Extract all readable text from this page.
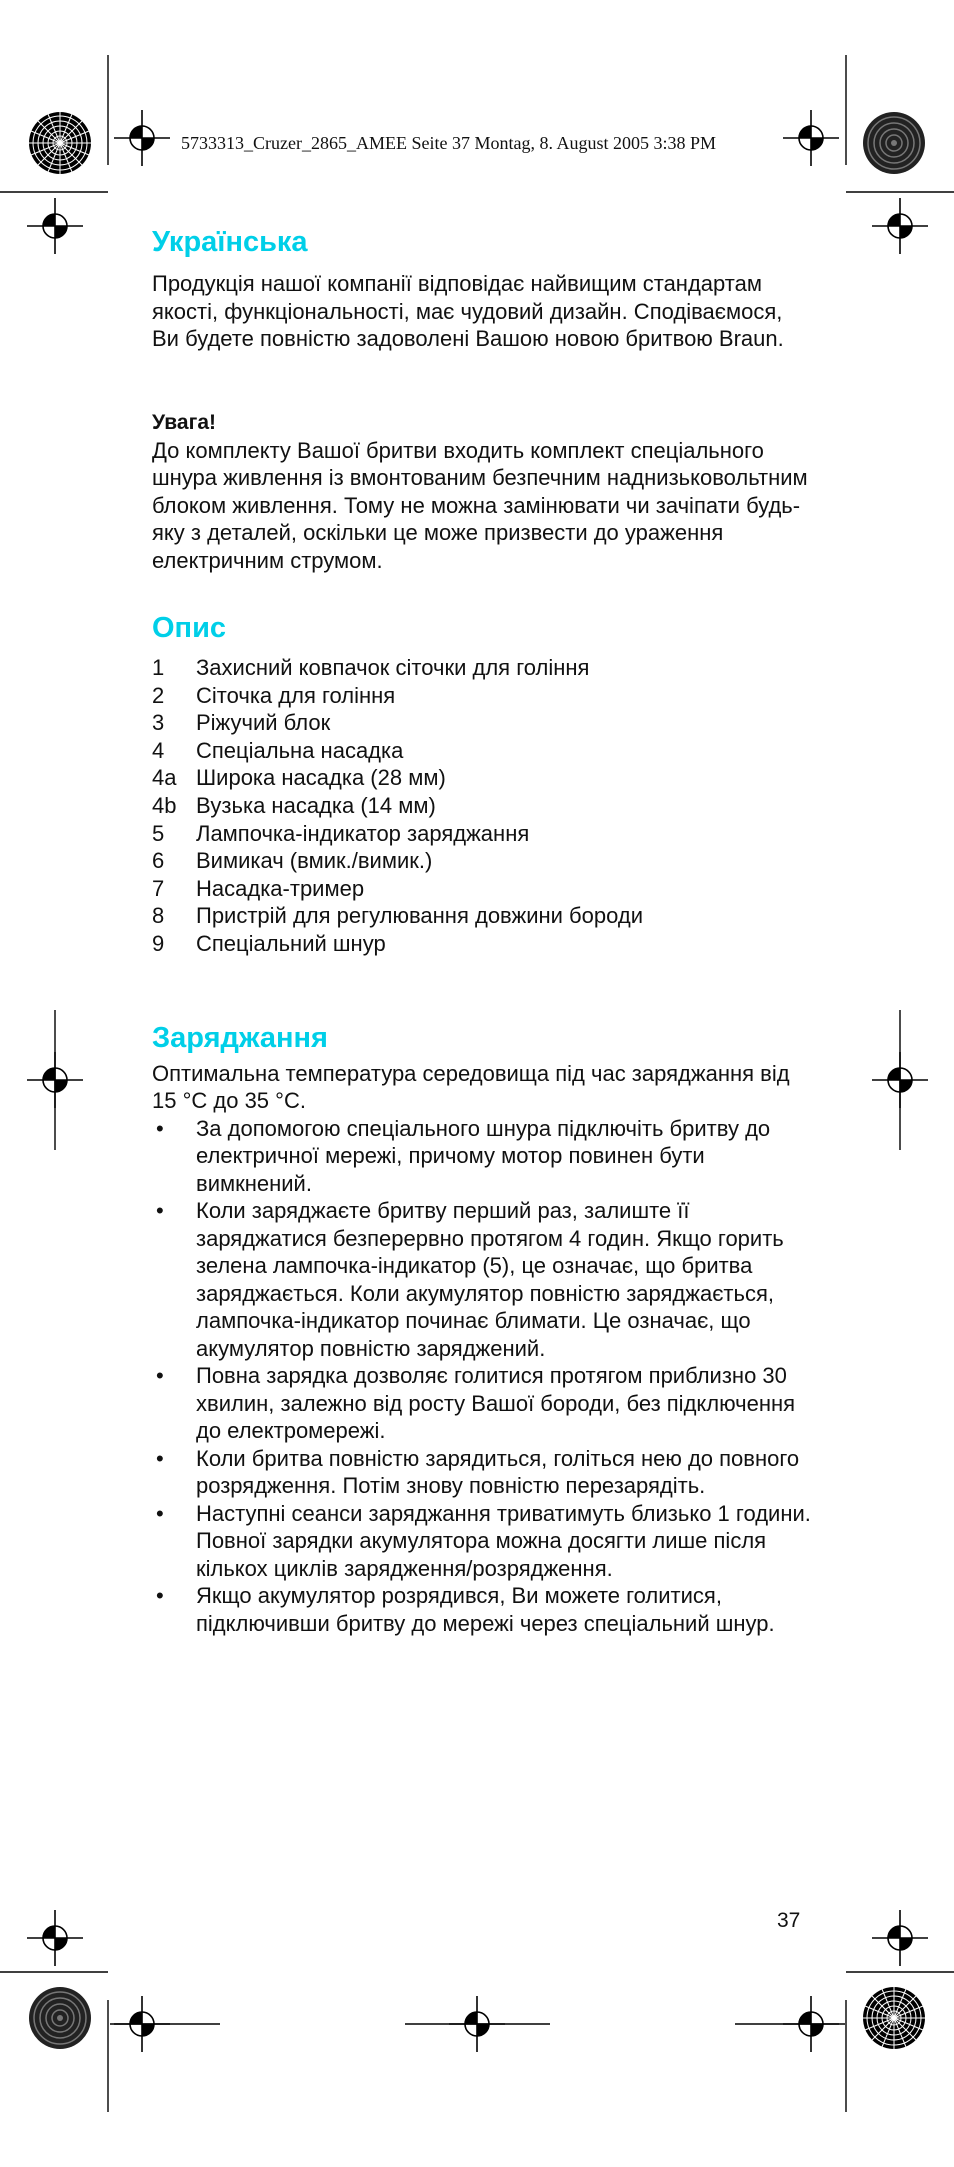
5733313_Cruzer_2865_AMEE Seite 37 Montag, 8. August 2005 3:38 PM
Українська

Продукція нашої компанії відповідає найвищим стандартам якості, функціональності, має чудовий дизайн. Сподіваємося, Ви будете повністю задоволені Вашою новою бритвою Braun.

Увага!

До комплекту Вашої бритви входить комплект спеціального шнура живлення із вмонтованим безпечним наднизьковольтним блоком живлення. Тому не можна замінювати чи зачіпати будь-яку з деталей, оскільки це може призвести до ураження електричним струмом.

Опис
1	Захисний ковпачок сіточки для гоління
2	Сіточка для гоління
3	Ріжучий блок
4	Спеціальна насадка
4a Широка насадка (28 мм)
4b Вузька насадка (14 мм)
5	Лампочка-індикатор заряджання
6	Вимикач (вмик./вимик.)
7	Насадка-тример
8	Пристрій для регулювання довжини бороди
9	Спеціальний шнур
Заряджання

Оптимальна температура середовища під час заряджання від 15 °С до 35 °С.

•	За допомогою спеціального шнура підключіть бритву до електричної мережі, причому мотор повинен бути вимкнений.
•	Коли заряджаєте бритву перший раз, залиште її заряджатися безперервно протягом 4 годин. Якщо горить зелена лампочка-індикатор (5), це означає, що бритва заряджається. Коли акумулятор повністю заряджається, лампочка-індикатор починає блимати. Це означає, що акумулятор повністю заряджений.
•	Повна зарядка дозволяє голитися протягом приблизно 30 хвилин, залежно від росту Вашої бороди, без підключення до електромережі.
•	Коли бритва повністю зарядиться, голіться нею до повного розрядження. Потім знову повністю перезарядіть.
•	Наступні сеанси заряджання триватимуть близько 1 години. Повної зарядки акумулятора можна досягти лише після кількох циклів зарядження/розрядження.
•	Якщо акумулятор розрядився, Ви можете голитися, підключивши бритву до мережі через спеціальний шнур.
37
